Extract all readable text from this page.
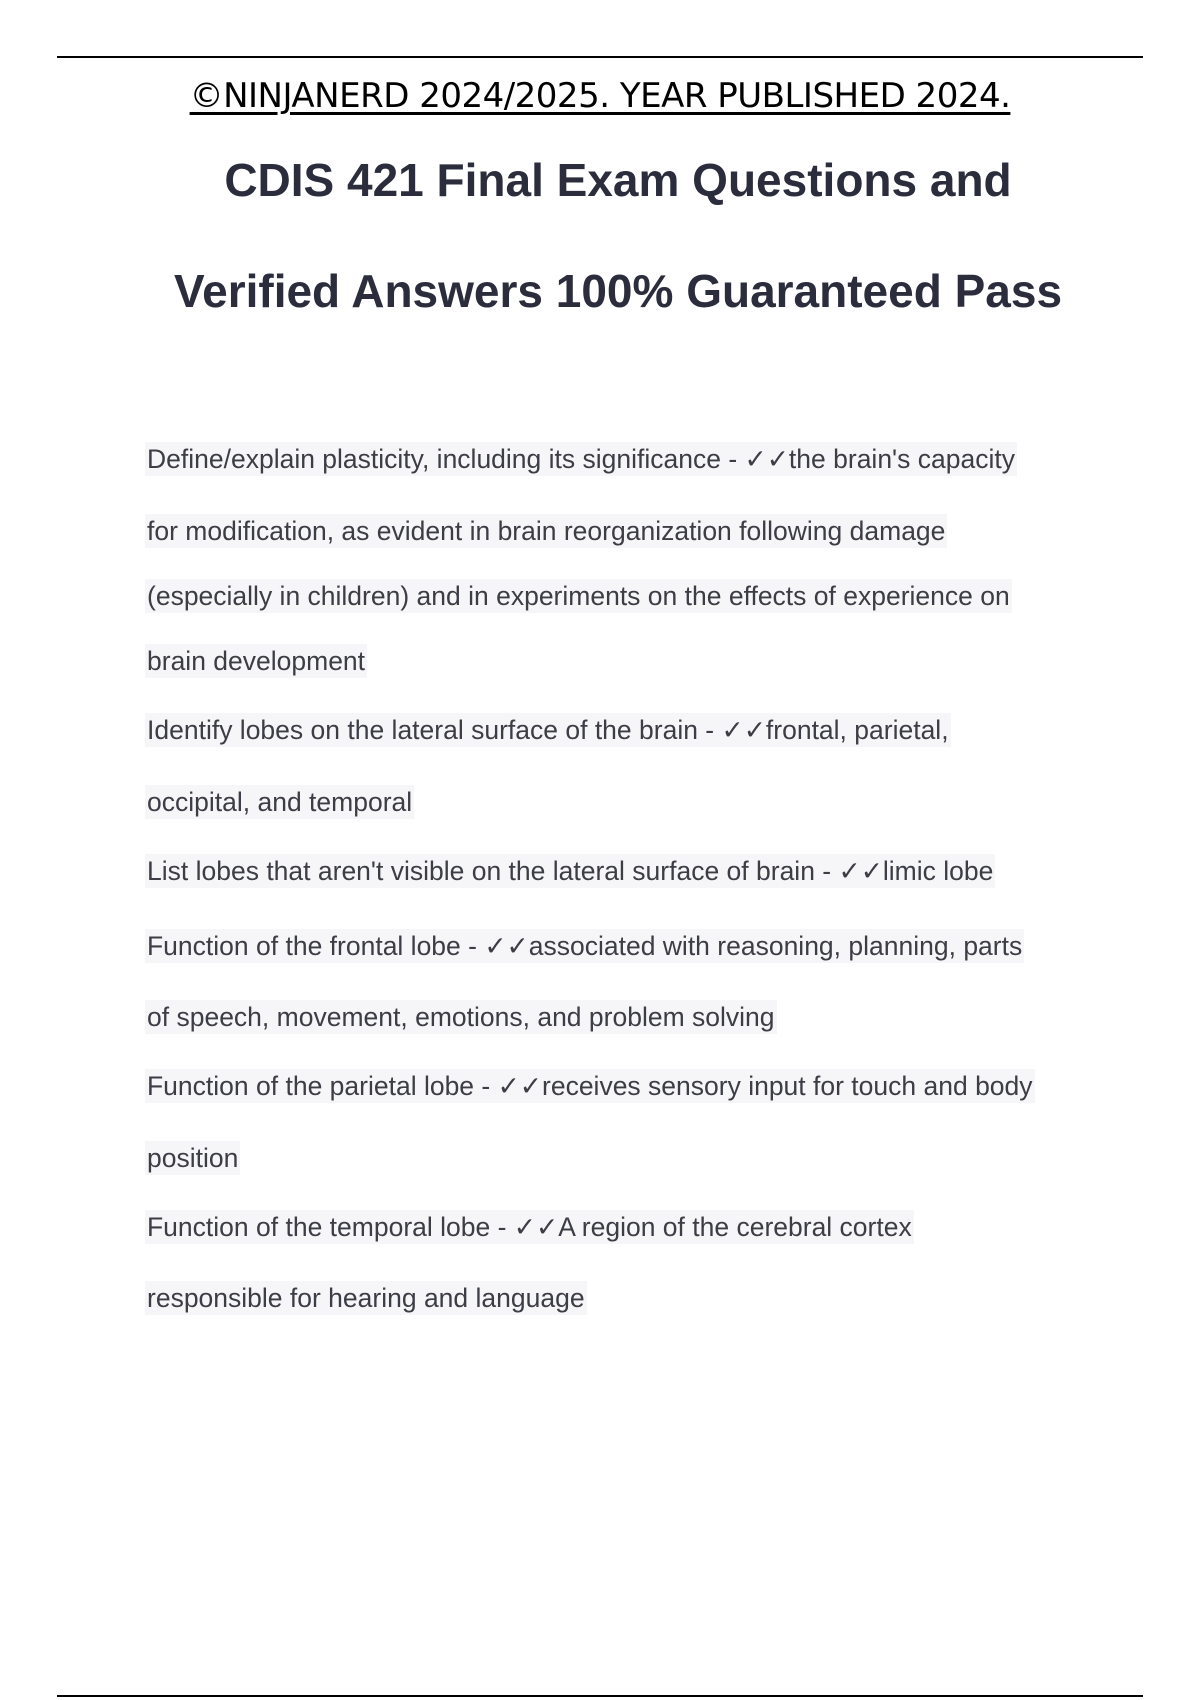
©NINJANERD 2024/2025. YEAR PUBLISHED 2024.
CDIS 421 Final Exam Questions and
Verified Answers 100% Guaranteed Pass
Define/explain plasticity, including its significance - ✓✓the brain's capacity
for modification, as evident in brain reorganization following damage
(especially in children) and in experiments on the effects of experience on
brain development
Identify lobes on the lateral surface of the brain - ✓✓frontal, parietal,
occipital, and temporal
List lobes that aren't visible on the lateral surface of brain - ✓✓limic lobe
Function of the frontal lobe - ✓✓associated with reasoning, planning, parts
of speech, movement, emotions, and problem solving
Function of the parietal lobe - ✓✓receives sensory input for touch and body
position
Function of the temporal lobe - ✓✓A region of the cerebral cortex
responsible for hearing and language
